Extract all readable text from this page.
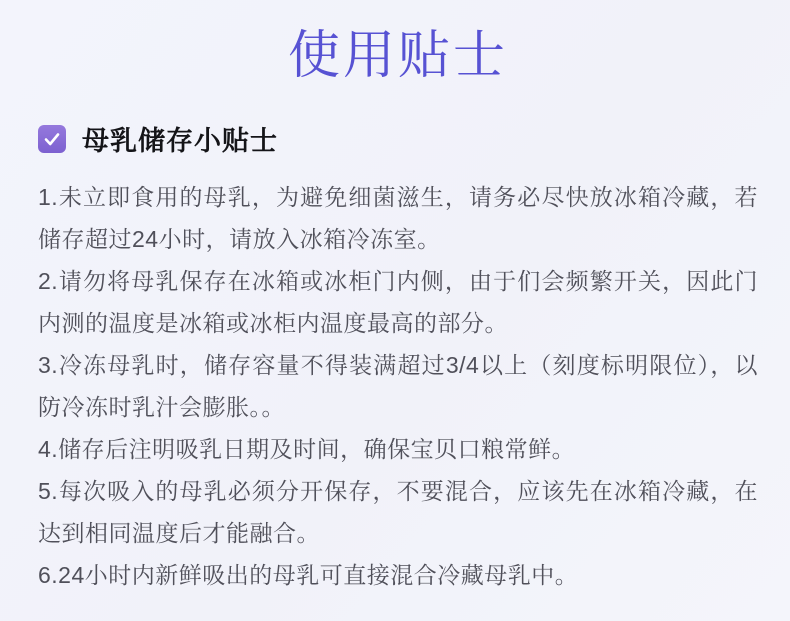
使用贴士
母乳储存小贴士

1.未立即食用的母乳，为避免细菌滋生，请务必尽快放冰箱冷藏，若储存超过24小时，请放入冰箱冷冻室。

2.请勿将母乳保存在冰箱或冰柜门内侧，由于们会频繁开关，因此门内测的温度是冰箱或冰柜内温度最高的部分。

3.冷冻母乳时，储存容量不得装满超过3/4以上（刻度标明限位），以防冷冻时乳汁会膨胀。。

4.储存后注明吸乳日期及时间，确保宝贝口粮常鲜。

5.每次吸入的母乳必须分开保存，不要混合，应该先在冰箱冷藏，在达到相同温度后才能融合。

6.24小时内新鲜吸出的母乳可直接混合冷藏母乳中。
